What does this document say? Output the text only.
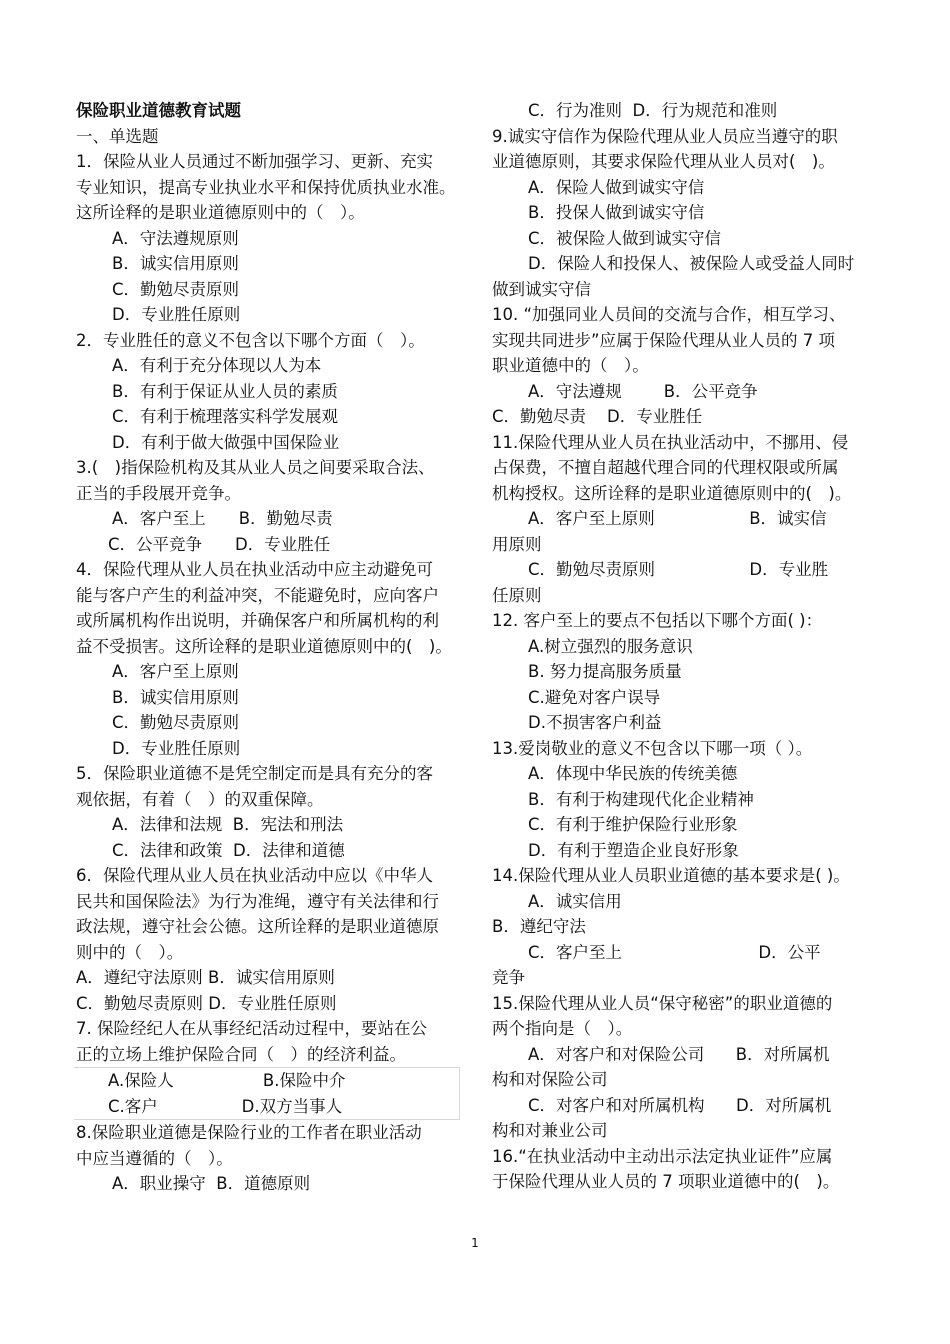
保险职业道德教育试题
一、单选题
1．保险从业人员通过不断加强学习、更新、充实
专业知识，提高专业执业水平和保持优质执业水准。
这所诠释的是职业道德原则中的（　）。
A．守法遵规原则
B．诚实信用原则
C．勤勉尽责原则
D．专业胜任原则
2．专业胜任的意义不包含以下哪个方面（　）。
A．有利于充分体现以人为本
B．有利于保证从业人员的素质
C．有利于梳理落实科学发展观
D．有利于做大做强中国保险业
3.(　)指保险机构及其从业人员之间要采取合法、
正当的手段展开竞争。
A．客户至上　　B．勤勉尽责
C．公平竞争　　D．专业胜任
4．保险代理从业人员在执业活动中应主动避免可
能与客户产生的利益冲突，不能避免时，应向客户
或所属机构作出说明，并确保客户和所属机构的利
益不受损害。这所诠释的是职业道德原则中的(　)。
A．客户至上原则
B．诚实信用原则
C．勤勉尽责原则
D．专业胜任原则
5．保险职业道德不是凭空制定而是具有充分的客
观依据，有着（　）的双重保障。
A．法律和法规  B．宪法和刑法
C．法律和政策  D．法律和道德
6．保险代理从业人员在执业活动中应以《中华人
民共和国保险法》为行为准绳，遵守有关法律和行
政法规，遵守社会公德。这所诠释的是职业道德原
则中的（　）。
A．遵纪守法原则 B．诚实信用原则
C．勤勉尽责原则 D．专业胜任原则
7. 保险经纪人在从事经纪活动过程中，要站在公
正的立场上维护保险合同（　）的经济利益。
A.保险人                 B.保险中介
C.客户                D.双方当事人
8.保险职业道德是保险行业的工作者在职业活动
中应当遵循的（　）。
A．职业操守  B．道德原则
C．行为准则  D．行为规范和准则
9.诚实守信作为保险代理从业人员应当遵守的职
业道德原则，其要求保险代理从业人员对(　)。
A．保险人做到诚实守信
B．投保人做到诚实守信
C．被保险人做到诚实守信
D．保险人和投保人、被保险人或受益人同时
做到诚实守信
10. “加强同业人员间的交流与合作，相互学习、
实现共同进步”应属于保险代理从业人员的 7 项
职业道德中的（　）。
A．守法遵规        B．公平竞争
C．勤勉尽责    D．专业胜任
11.保险代理从业人员在执业活动中，不挪用、侵
占保费，不擅自超越代理合同的代理权限或所属
机构授权。这所诠释的是职业道德原则中的(　)。
A．客户至上原则                  B．诚实信
用原则
C．勤勉尽责原则                  D．专业胜
任原则
12. 客户至上的要点不包括以下哪个方面( )：
A.树立强烈的服务意识
B. 努力提高服务质量
C.避免对客户误导
D.不损害客户利益
13.爱岗敬业的意义不包含以下哪一项（ ）。
A．体现中华民族的传统美德
B．有利于构建现代化企业精神
C．有利于维护保险行业形象
D．有利于塑造企业良好形象
14.保险代理从业人员职业道德的基本要求是( )。
A．诚实信用
B．遵纪守法
C．客户至上                          D．公平
竞争
15.保险代理从业人员“保守秘密”的职业道德的
两个指向是（　）。
A．对客户和对保险公司      B．对所属机
构和对保险公司
C．对客户和对所属机构      D．对所属机
构和对兼业公司
16.“在执业活动中主动出示法定执业证件”应属
于保险代理从业人员的 7 项职业道德中的(　)。
1
